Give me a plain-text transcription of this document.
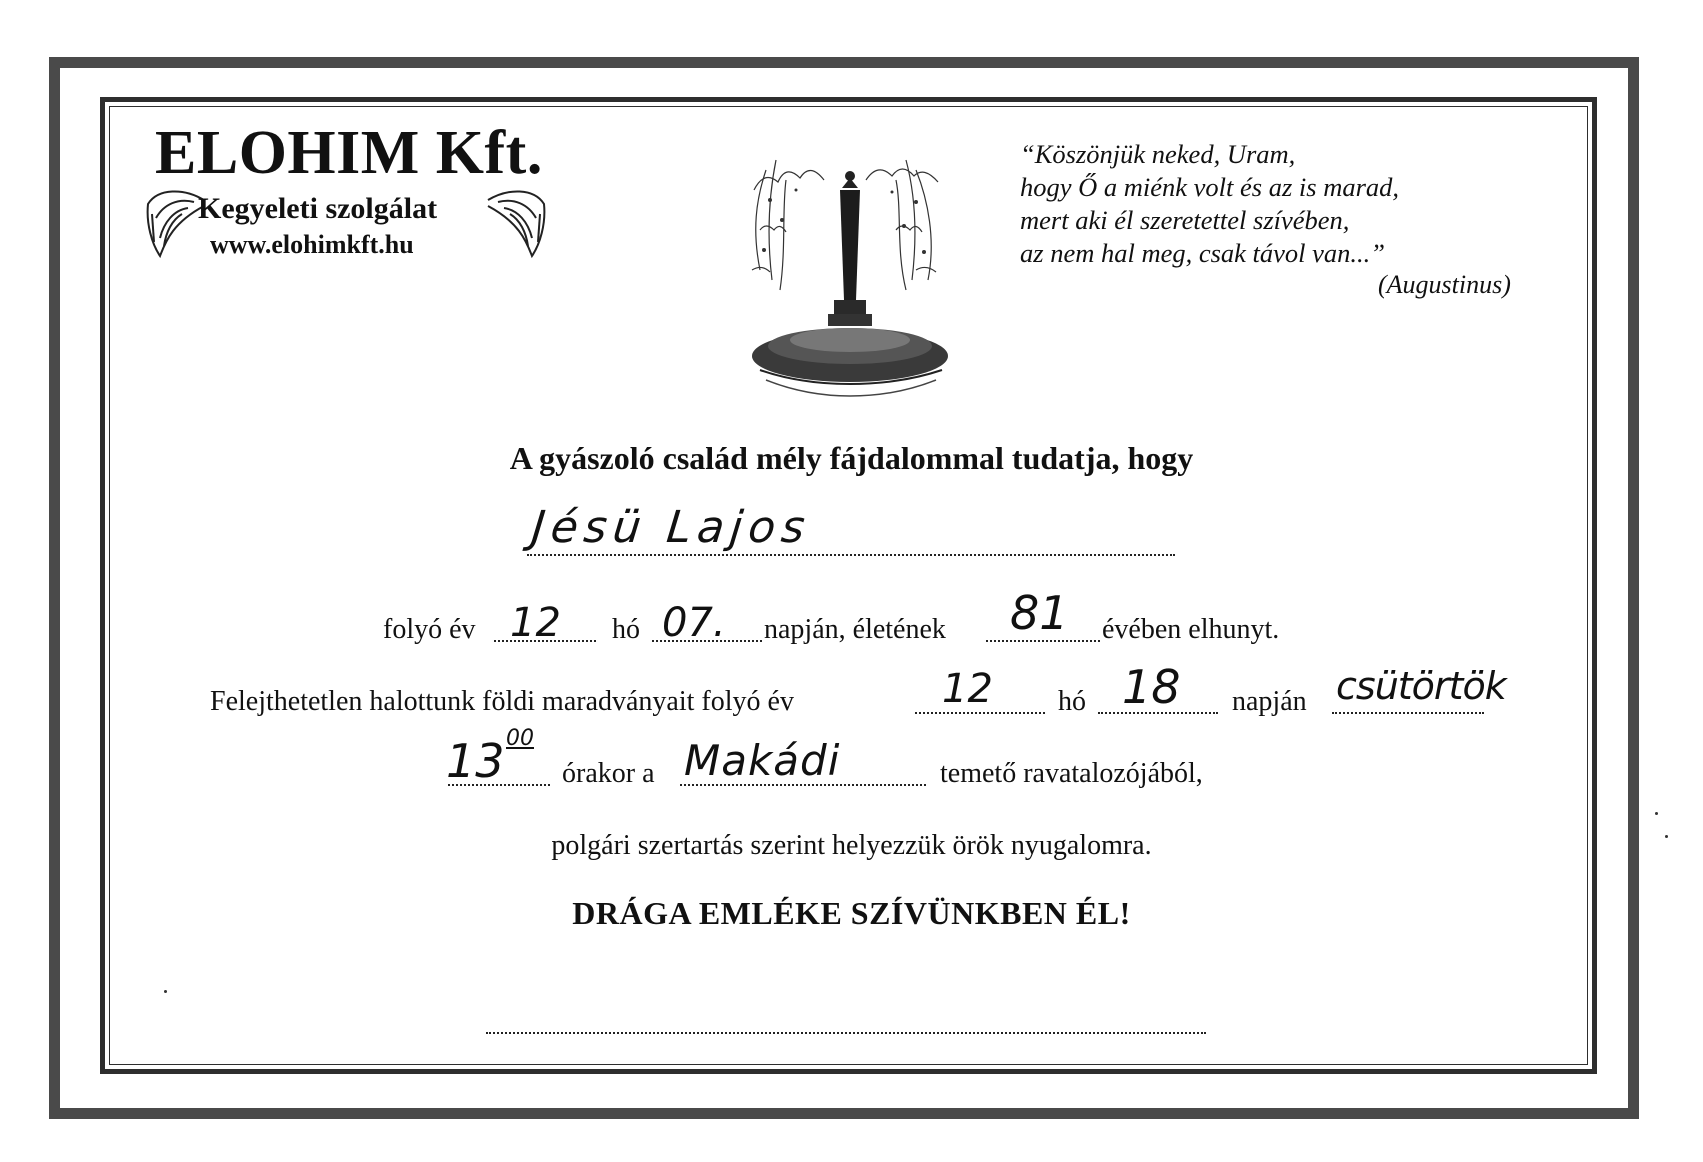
ELOHIM Kft.
Kegyeleti szolgálat
www.elohimkft.hu
“Köszönjük neked, Uram,
hogy Ő a miénk volt és az is marad,
mert aki él szeretettel szívében,
az nem hal meg, csak távol van...”
(Augustinus)
A gyászoló család mély fájdalommal tudatja, hogy
Jésü Lajos
folyó év 12 hó 07. napján, életének 81 évében elhunyt.
Felejthetetlen halottunk földi maradványait folyó év	12 hó 18 napján csütörtök
13 00
órakor a Makádi	temető ravatalozójából,
polgári szertartás szerint helyezzük örök nyugalomra.
DRÁGA EMLÉKE SZÍVÜNKBEN ÉL!
